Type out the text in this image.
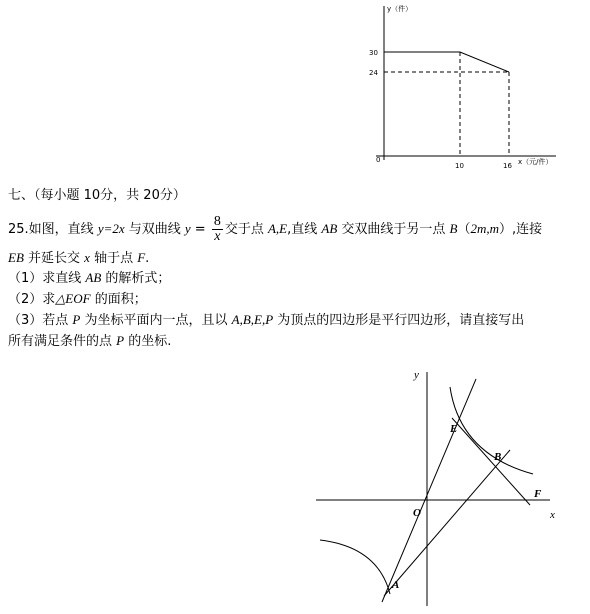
y（件）
x（元/件）
0
30
24
10	16
七、（每小题 10分，共 20分）
25.如图，直线 y=2x 与双曲线 $y = \frac{8}{x}$ 交于点 A,E,直线 AB 交双曲线于另一点 B（2m,m）,连接
EB 并延长交 x 轴于点 F.
（1）求直线 AB 的解析式；
（2）求△EOF 的面积；
（3）若点 P 为坐标平面内一点，且以 A,B,E,P 为顶点的四边形是平行四边形，请直接写出
所有满足条件的点 P 的坐标.
y
x
O
E
B
F
A
